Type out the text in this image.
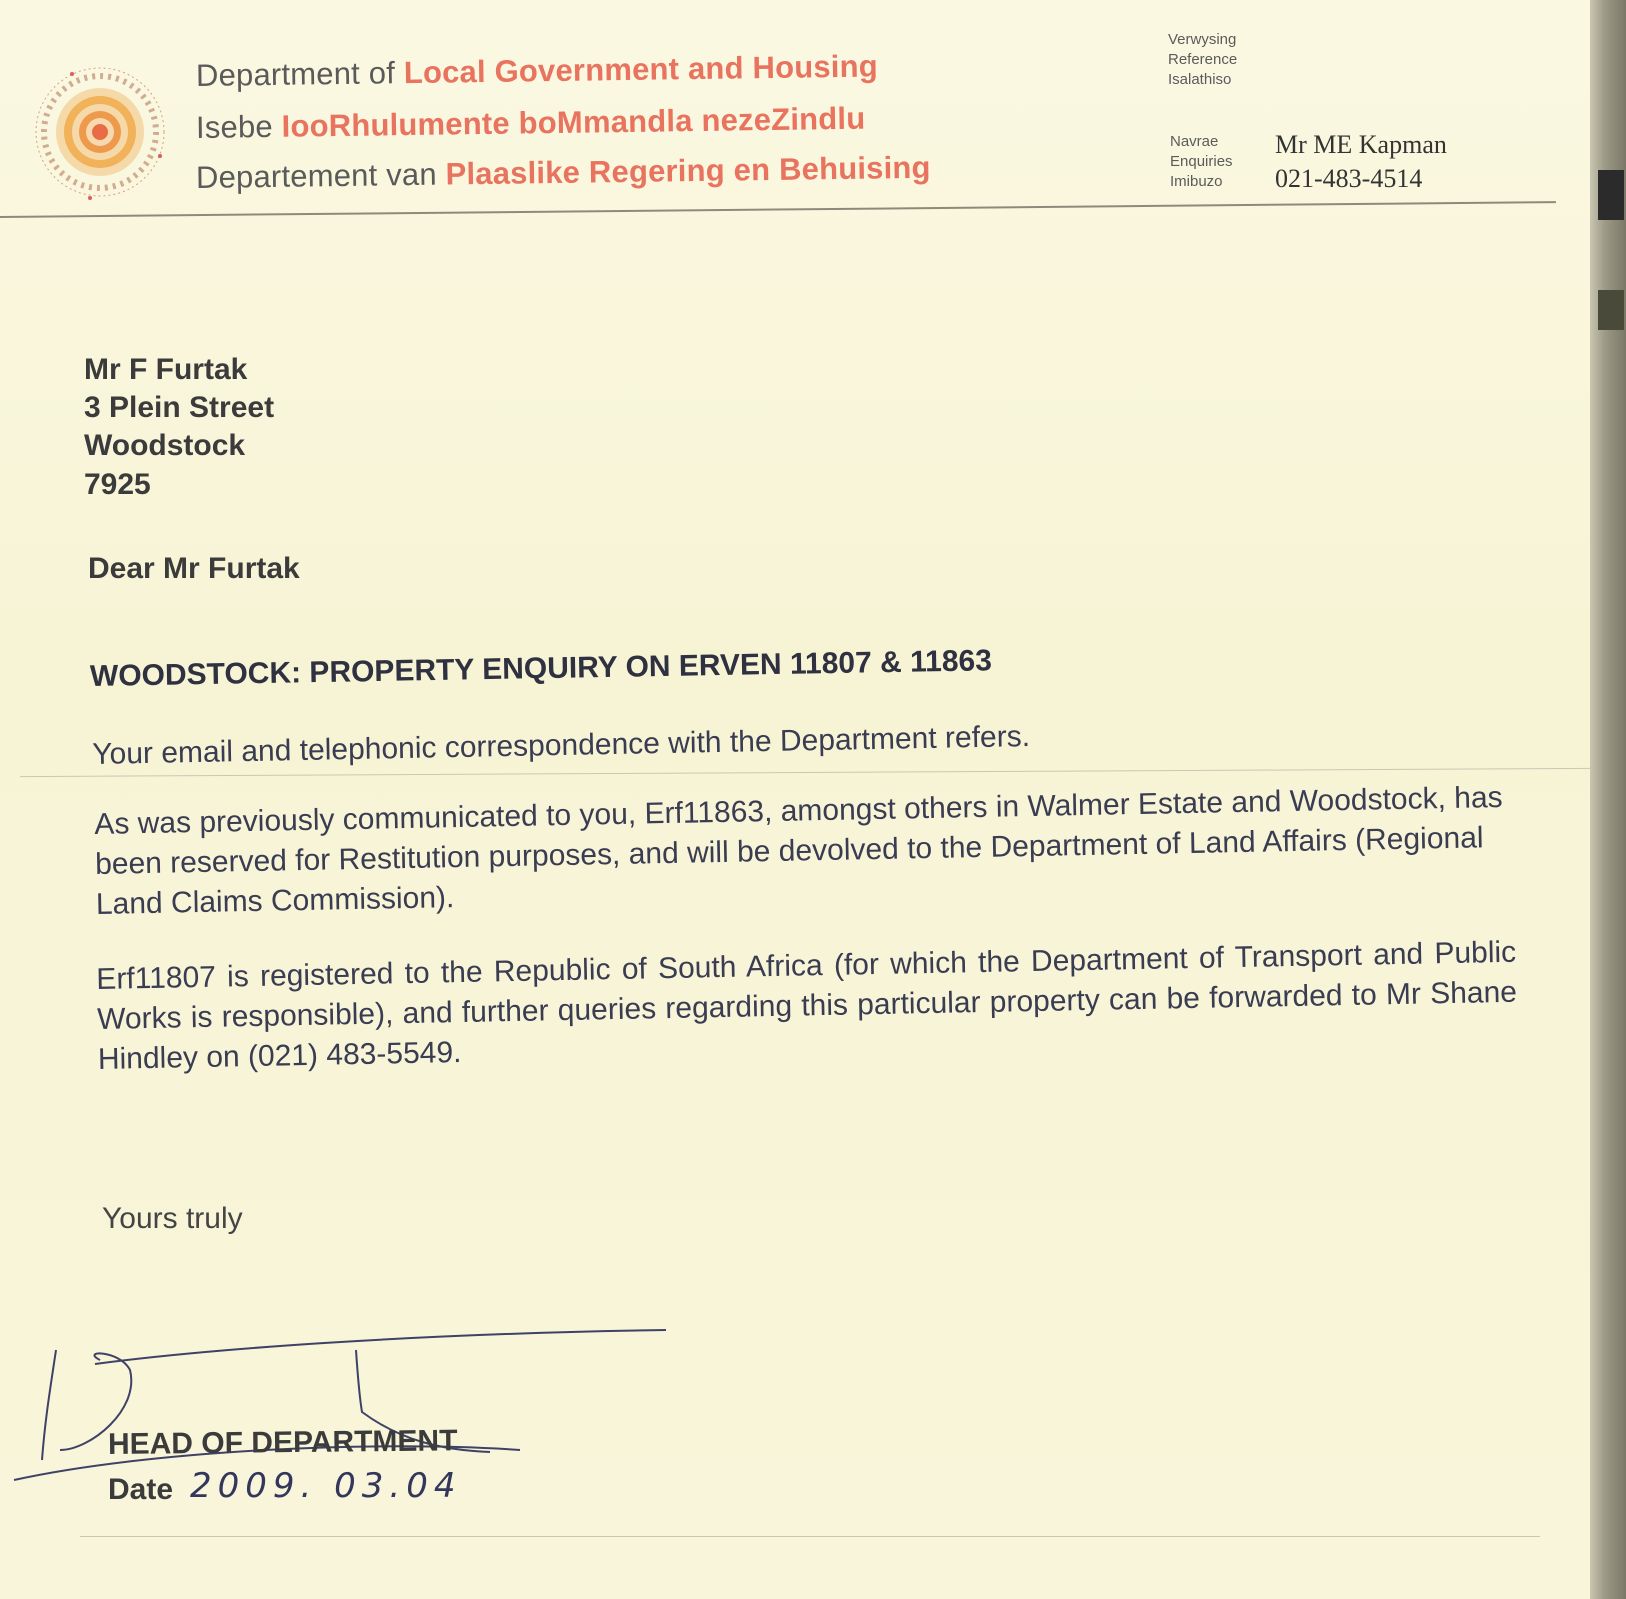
Department of Local Government and Housing
Isebe IooRhulumente boMmandla nezeZindlu
Departement van Plaaslike Regering en Behuising
Verwysing
Reference
Isalathiso
Navrae
Enquiries
Imibuzo
Mr ME Kapman
021-483-4514
Mr F Furtak
3 Plein Street
Woodstock
7925
Dear Mr Furtak
WOODSTOCK: PROPERTY ENQUIRY ON ERVEN 11807 & 11863
Your email and telephonic correspondence with the Department refers.
As was previously communicated to you, Erf11863, amongst others in Walmer Estate and Woodstock, has been reserved for Restitution purposes, and will be devolved to the Department of Land Affairs (Regional Land Claims Commission).
Erf11807 is registered to the Republic of South Africa (for which the Department of Transport and Public Works is responsible), and further queries regarding this particular property can be forwarded to Mr Shane Hindley on (021) 483-5549.
Yours truly
HEAD OF DEPARTMENT
Date 2009. 03.04
